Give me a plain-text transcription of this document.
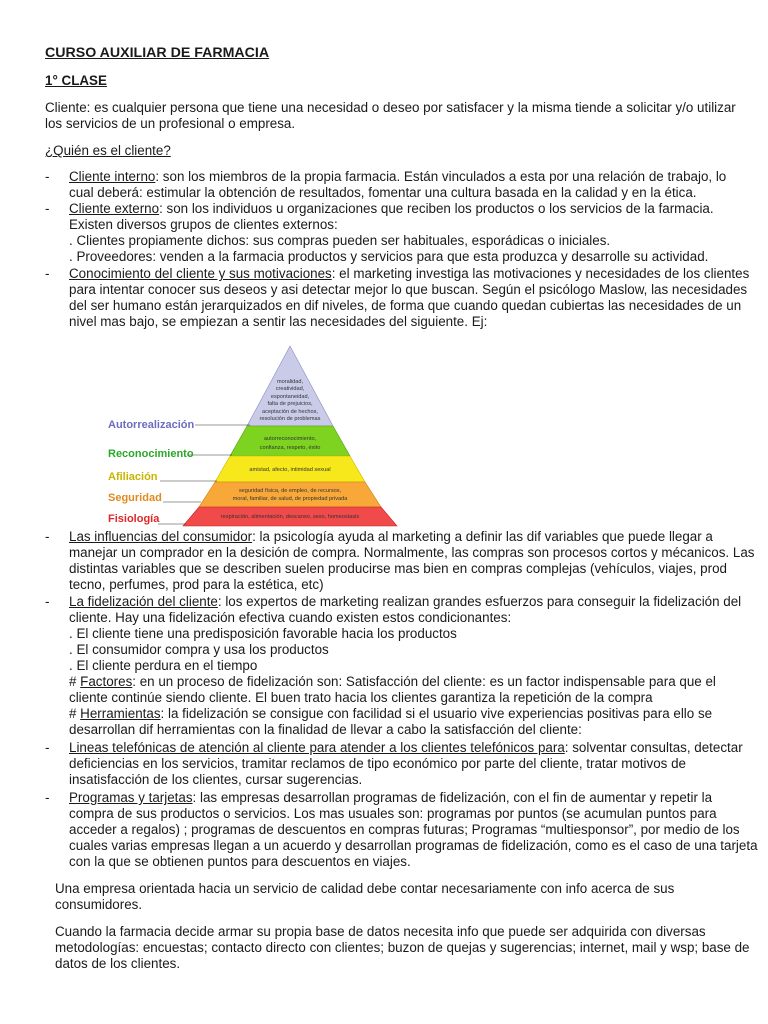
CURSO AUXILIAR DE FARMACIA
1° CLASE
Cliente: es cualquier persona que tiene una necesidad o deseo por satisfacer y la misma tiende a solicitar y/o utilizar
los servicios de un profesional o empresa.
¿Quién es el cliente?
- Cliente interno: son los miembros de la propia farmacia. Están vinculados a esta por una relación de trabajo, lo
cual deberá: estimular la obtención de resultados, fomentar una cultura basada en la calidad y en la ética.
- Cliente externo: son los individuos u organizaciones que reciben los productos o los servicios de la farmacia.
Existen diversos grupos de clientes externos:
. Clientes propiamente dichos: sus compras pueden ser habituales, esporádicas o iniciales.
. Proveedores: venden a la farmacia productos y servicios para que esta produzca y desarrolle su actividad.
- Conocimiento del cliente y sus motivaciones: el marketing investiga las motivaciones y necesidades de los clientes
para intentar conocer sus deseos y asi detectar mejor lo que buscan. Según el psicólogo Maslow, las necesidades
del ser humano están jerarquizados en dif niveles, de forma que cuando quedan cubiertas las necesidades de un
nivel mas bajo, se empiezan a sentir las necesidades del siguiente. Ej:
Autorrealización
Reconocimiento
Afiliación
Seguridad
Fisiología
moralidad,
creatividad,
espontaneidad,
falta de prejuicios,
aceptación de hechos,
resolución de problemas
autorreconocimiento,
confianza, respeto, éxito
amistad, afecto, intimidad sexual
seguridad física, de empleo, de recursos,
moral, familiar, de salud, de propiedad privada
respiración, alimentación, descanso, sexo, homeostasis
- Las influencias del consumidor: la psicología ayuda al marketing a definir las dif variables que puede llegar a
manejar un comprador en la desición de compra. Normalmente, las compras son procesos cortos y mécanicos. Las
distintas variables que se describen suelen producirse mas bien en compras complejas (vehículos, viajes, prod
tecno, perfumes, prod para la estética, etc)
- La fidelización del cliente: los expertos de marketing realizan grandes esfuerzos para conseguir la fidelización del
cliente. Hay una fidelización efectiva cuando existen estos condicionantes:
. El cliente tiene una predisposición favorable hacia los productos
. El consumidor compra y usa los productos
. El cliente perdura en el tiempo
# Factores: en un proceso de fidelización son: Satisfacción del cliente: es un factor indispensable para que el
cliente continúe siendo cliente. El buen trato hacia los clientes garantiza la repetición de la compra
# Herramientas: la fidelización se consigue con facilidad si el usuario vive experiencias positivas para ello se
desarrollan dif herramientas con la finalidad de llevar a cabo la satisfacción del cliente:
- Lineas telefónicas de atención al cliente para atender a los clientes telefónicos para: solventar consultas, detectar
deficiencias en los servicios, tramitar reclamos de tipo económico por parte del cliente, tratar motivos de
insatisfacción de los clientes, cursar sugerencias.
- Programas y tarjetas: las empresas desarrollan programas de fidelización, con el fin de aumentar y repetir la
compra de sus productos o servicios. Los mas usuales son: programas por puntos (se acumulan puntos para
acceder a regalos) ; programas de descuentos en compras futuras; Programas “multiesponsor”, por medio de los
cuales varias empresas llegan a un acuerdo y desarrollan programas de fidelización, como es el caso de una tarjeta
con la que se obtienen puntos para descuentos en viajes.
Una empresa orientada hacia un servicio de calidad debe contar necesariamente con info acerca de sus
consumidores.
Cuando la farmacia decide armar su propia base de datos necesita info que puede ser adquirida con diversas
metodologías: encuestas; contacto directo con clientes; buzon de quejas y sugerencias; internet, mail y wsp; base de
datos de los clientes.
